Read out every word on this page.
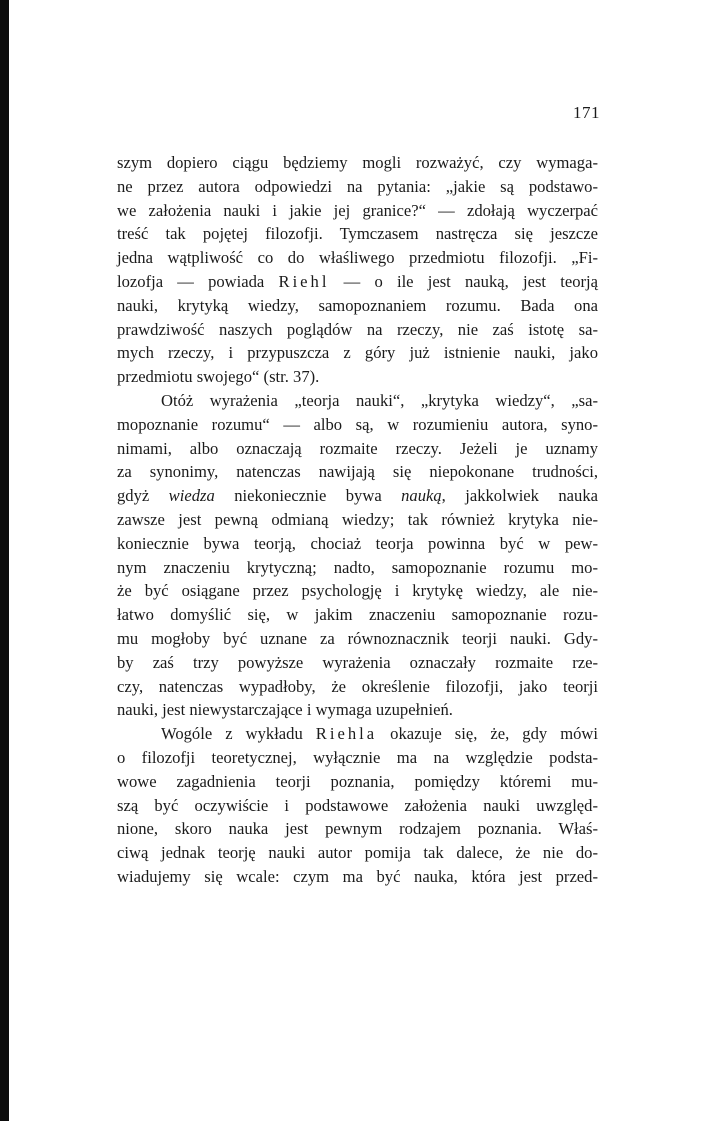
171
szym dopiero ciągu będziemy mogli rozważyć, czy wymaga-
ne przez autora odpowiedzi na pytania: „jakie są podstawo-
we założenia nauki i jakie jej granice?“ — zdołają wyczerpać
treść tak pojętej filozofji. Tymczasem nastręcza się jeszcze
jedna wątpliwość co do właśliwego przedmiotu filozofji. „Fi-
lozofja — powiada Riehl — o ile jest nauką, jest teorją
nauki, krytyką wiedzy, samopoznaniem rozumu. Bada ona
prawdziwość naszych poglądów na rzeczy, nie zaś istotę sa-
mych rzeczy, i przypuszcza z góry już istnienie nauki, jako
przedmiotu swojego“ (str. 37).
Otóż wyrażenia „teorja nauki“, „krytyka wiedzy“, „sa-
mopoznanie rozumu“ — albo są, w rozumieniu autora, syno-
nimami, albo oznaczają rozmaite rzeczy. Jeżeli je uznamy
za synonimy, natenczas nawijają się niepokonane trudności,
gdyż wiedza niekoniecznie bywa nauką, jakkolwiek nauka
zawsze jest pewną odmianą wiedzy; tak również krytyka nie-
koniecznie bywa teorją, chociaż teorja powinna być w pew-
nym znaczeniu krytyczną; nadto, samopoznanie rozumu mo-
że być osiągane przez psychologję i krytykę wiedzy, ale nie-
łatwo domyślić się, w jakim znaczeniu samopoznanie rozu-
mu mogłoby być uznane za równoznacznik teorji nauki. Gdy-
by zaś trzy powyższe wyrażenia oznaczały rozmaite rze-
czy, natenczas wypadłoby, że określenie filozofji, jako teorji
nauki, jest niewystarczające i wymaga uzupełnień.
Wogóle z wykładu Riehla okazuje się, że, gdy mówi
o filozofji teoretycznej, wyłącznie ma na względzie podsta-
wowe zagadnienia teorji poznania, pomiędzy któremi mu-
szą być oczywiście i podstawowe założenia nauki uwzględ-
nione, skoro nauka jest pewnym rodzajem poznania. Właś-
ciwą jednak teorję nauki autor pomija tak dalece, że nie do-
wiadujemy się wcale: czym ma być nauka, która jest przed-
